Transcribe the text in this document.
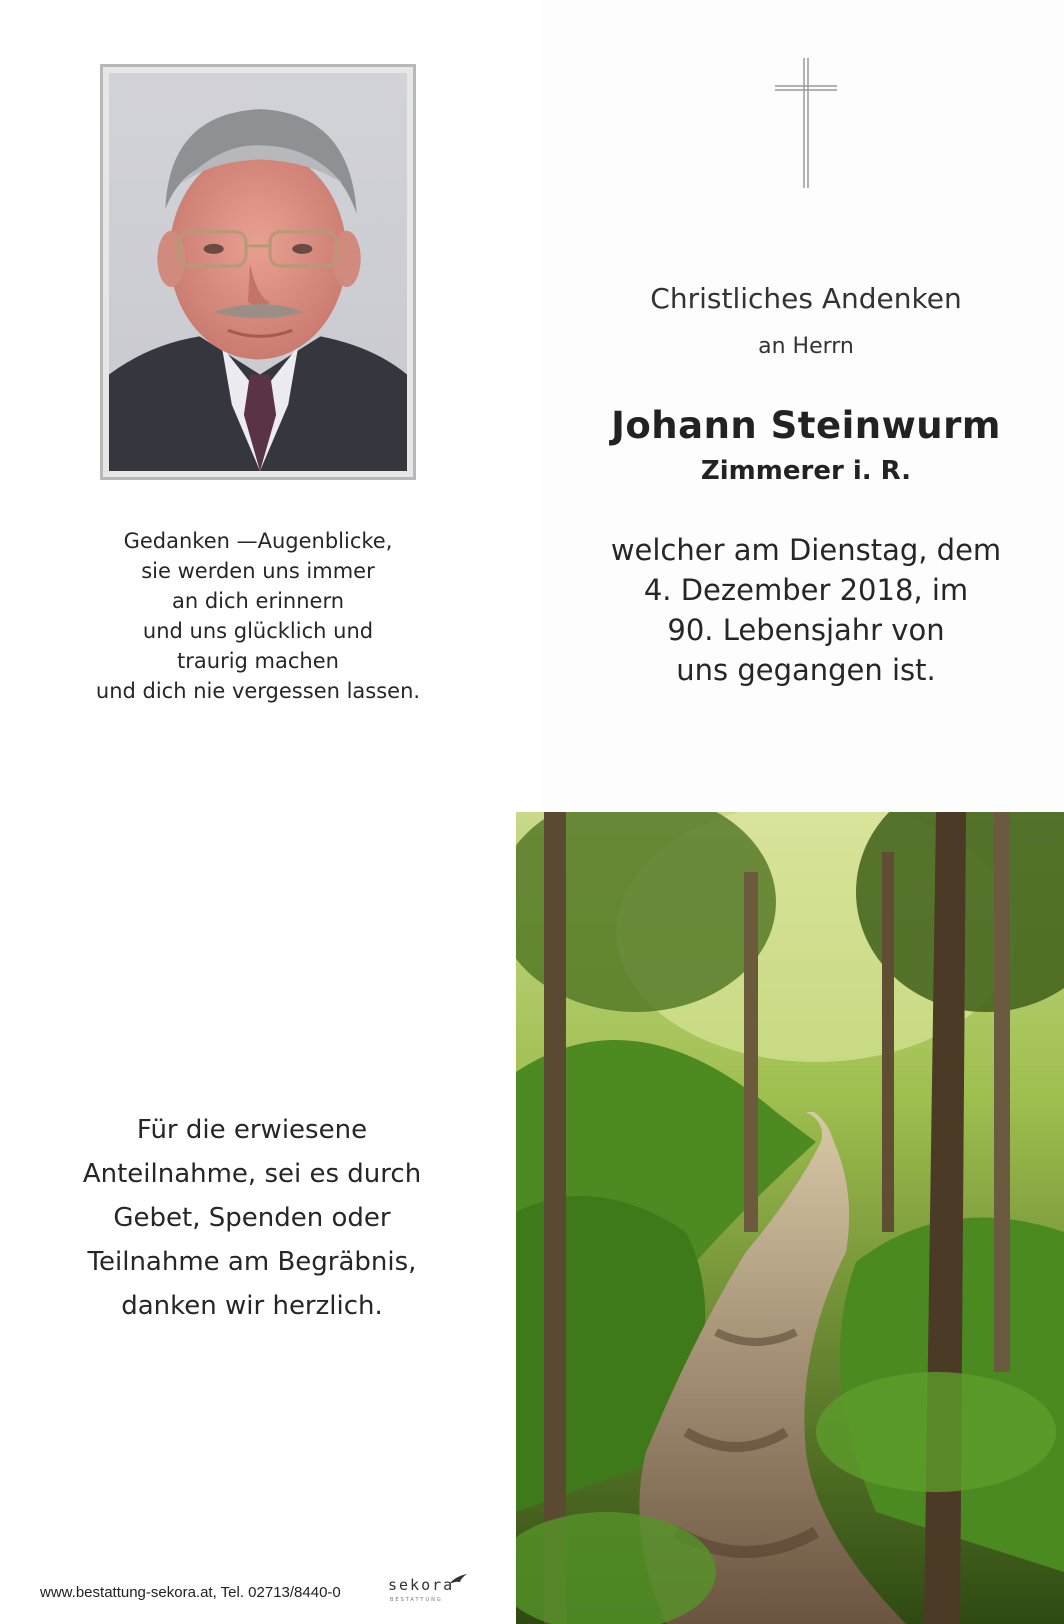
Gedanken —Augenblicke,
sie werden uns immer
an dich erinnern
und uns glücklich und
traurig machen
und dich nie vergessen lassen.
Christliches Andenken
an Herrn
Johann Steinwurm
Zimmerer i. R.
welcher am Dienstag, dem
4. Dezember 2018, im
90. Lebensjahr von
uns gegangen ist.
Für die erwiesene
Anteilnahme, sei es durch
Gebet, Spenden oder
Teilnahme am Begräbnis,
danken wir herzlich.
www.bestattung-sekora.at, Tel. 02713/8440-0	sekora
BESTATTUNG
